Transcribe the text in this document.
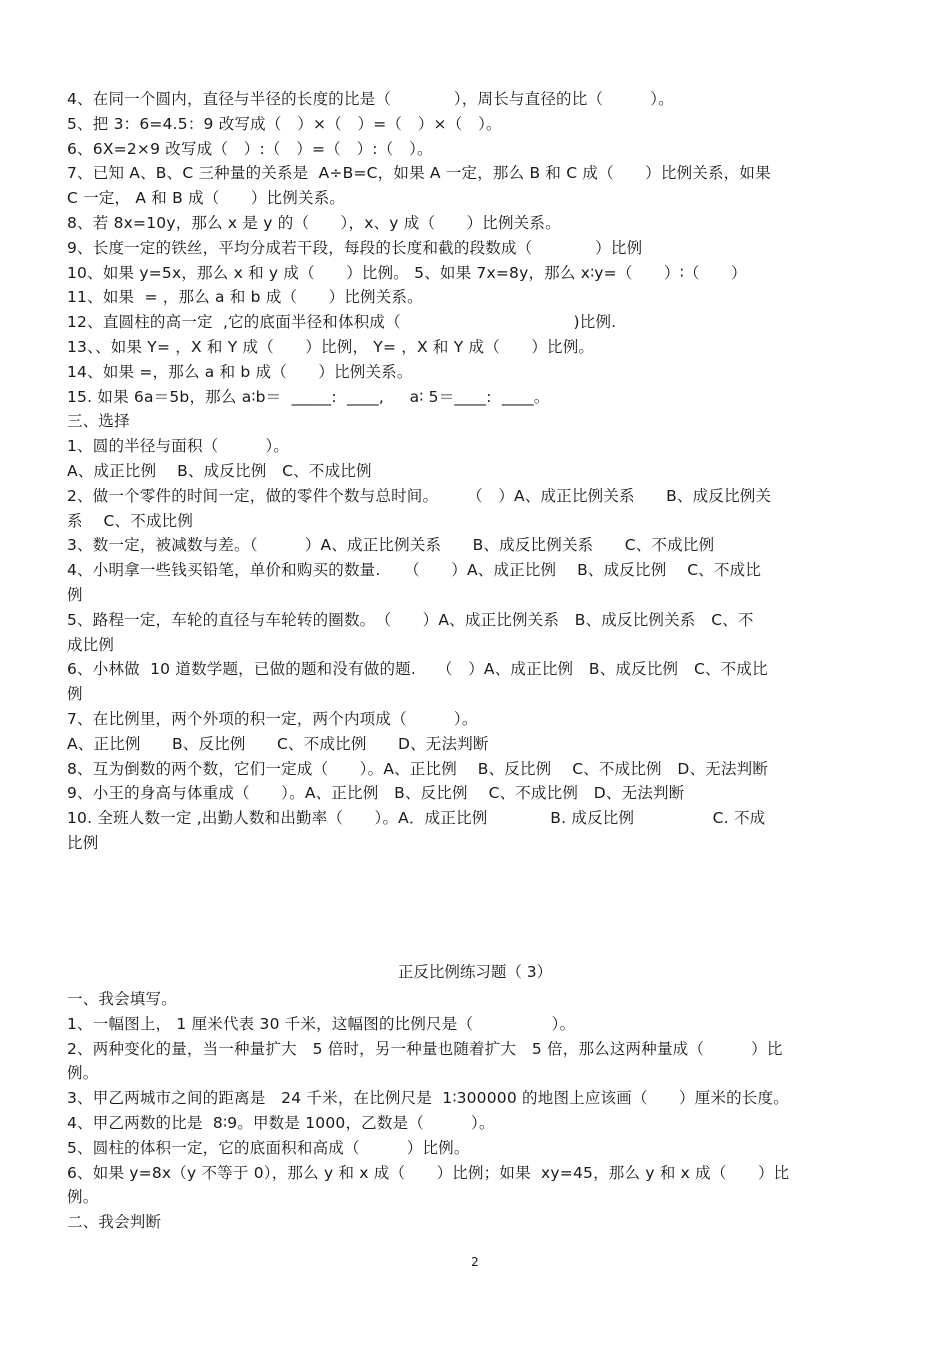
4、在同一个圆内，直径与半径的长度的比是（　　　　），周长与直径的比（　　　）。
5、把 3：6=4.5：9 改写成（　）×（　）=（　）×（　）。
6、6X=2×9 改写成（　）:（　）=（　）:（　）。
7、已知 A、B、C 三种量的关系是  A÷B=C，如果 A 一定，那么 B 和 C 成（　　）比例关系，如果
C 一定， A 和 B 成（　　）比例关系。
8、若 8x=10y，那么 x 是 y 的（　　），x、y 成（　　）比例关系。
9、长度一定的铁丝，平均分成若干段，每段的长度和截的段数成（　　　　）比例
10、如果 y=5x，那么 x 和 y 成（　　）比例。 5、如果 7x=8y，那么 x∶y=（　　）∶（　　）
11、如果  = ，那么 a 和 b 成（　　）比例关系。
12、直圆柱的高一定  ,它的底面半径和体积成（　　　　　　　　　　　)比例.
13、、如果 Y= ，X 和 Y 成（　　）比例， Y= ，X 和 Y 成（　　）比例。
14、如果 =，那么 a 和 b 成（　　）比例关系。
15. 如果 6a＝5b，那么 a∶b＝  _____:  ____,     a∶ 5＝____:  ____。
三、选择
1、圆的半径与面积（　　　）。
A、成正比例　 B、成反比例　C、不成比例
2、做一个零件的时间一定，做的零件个数与总时间。　　 （　）A、成正比例关系　　B、成反比例关
系　 C、不成比例
3、数一定，被减数与差。（　　　）A、成正比例关系　　B、成反比例关系　　C、不成比例
4、小明拿一些钱买铅笔，单价和购买的数量.　　（　　）A、成正比例　 B、成反比例　 C、不成比
例
5、路程一定，车轮的直径与车轮转的圈数。　（　　）A、成正比例关系　B、成反比例关系　C、不
成比例
6、小林做  10 道数学题，已做的题和没有做的题.　 （　）A、成正比例　B、成反比例　C、不成比
例
7、在比例里，两个外项的积一定，两个内项成（　　　）。
A、正比例　　B、反比例　　C、不成比例　　D、无法判断
8、互为倒数的两个数，它们一定成（　　）。A、正比例　 B、反比例　 C、不成比例　D、无法判断
9、小王的身高与体重成（　　）。A、正比例　B、反比例　 C、不成比例　D、无法判断
10. 全班人数一定 ,出勤人数和出勤率（　　）。A．成正比例　　　　B. 成反比例　　　　　C. 不成
比例
正反比例练习题（ 3）
一、我会填写。
1、一幅图上， 1 厘米代表 30 千米，这幅图的比例尺是（　　　　　）。
2、两种变化的量，当一种量扩大　5 倍时，另一种量也随着扩大　5 倍，那么这两种量成（　　　）比
例。
3、甲乙两城市之间的距离是　24 千米，在比例尺是  1∶300000 的地图上应该画（　　）厘米的长度。
4、甲乙两数的比是  8∶9。甲数是 1000，乙数是（　　　）。
5、圆柱的体积一定，它的底面积和高成（　　　）比例。
6、如果 y=8x（y 不等于 0），那么 y 和 x 成（　　）比例；如果  xy=45，那么 y 和 x 成（　　）比
例。
二、我会判断
2
